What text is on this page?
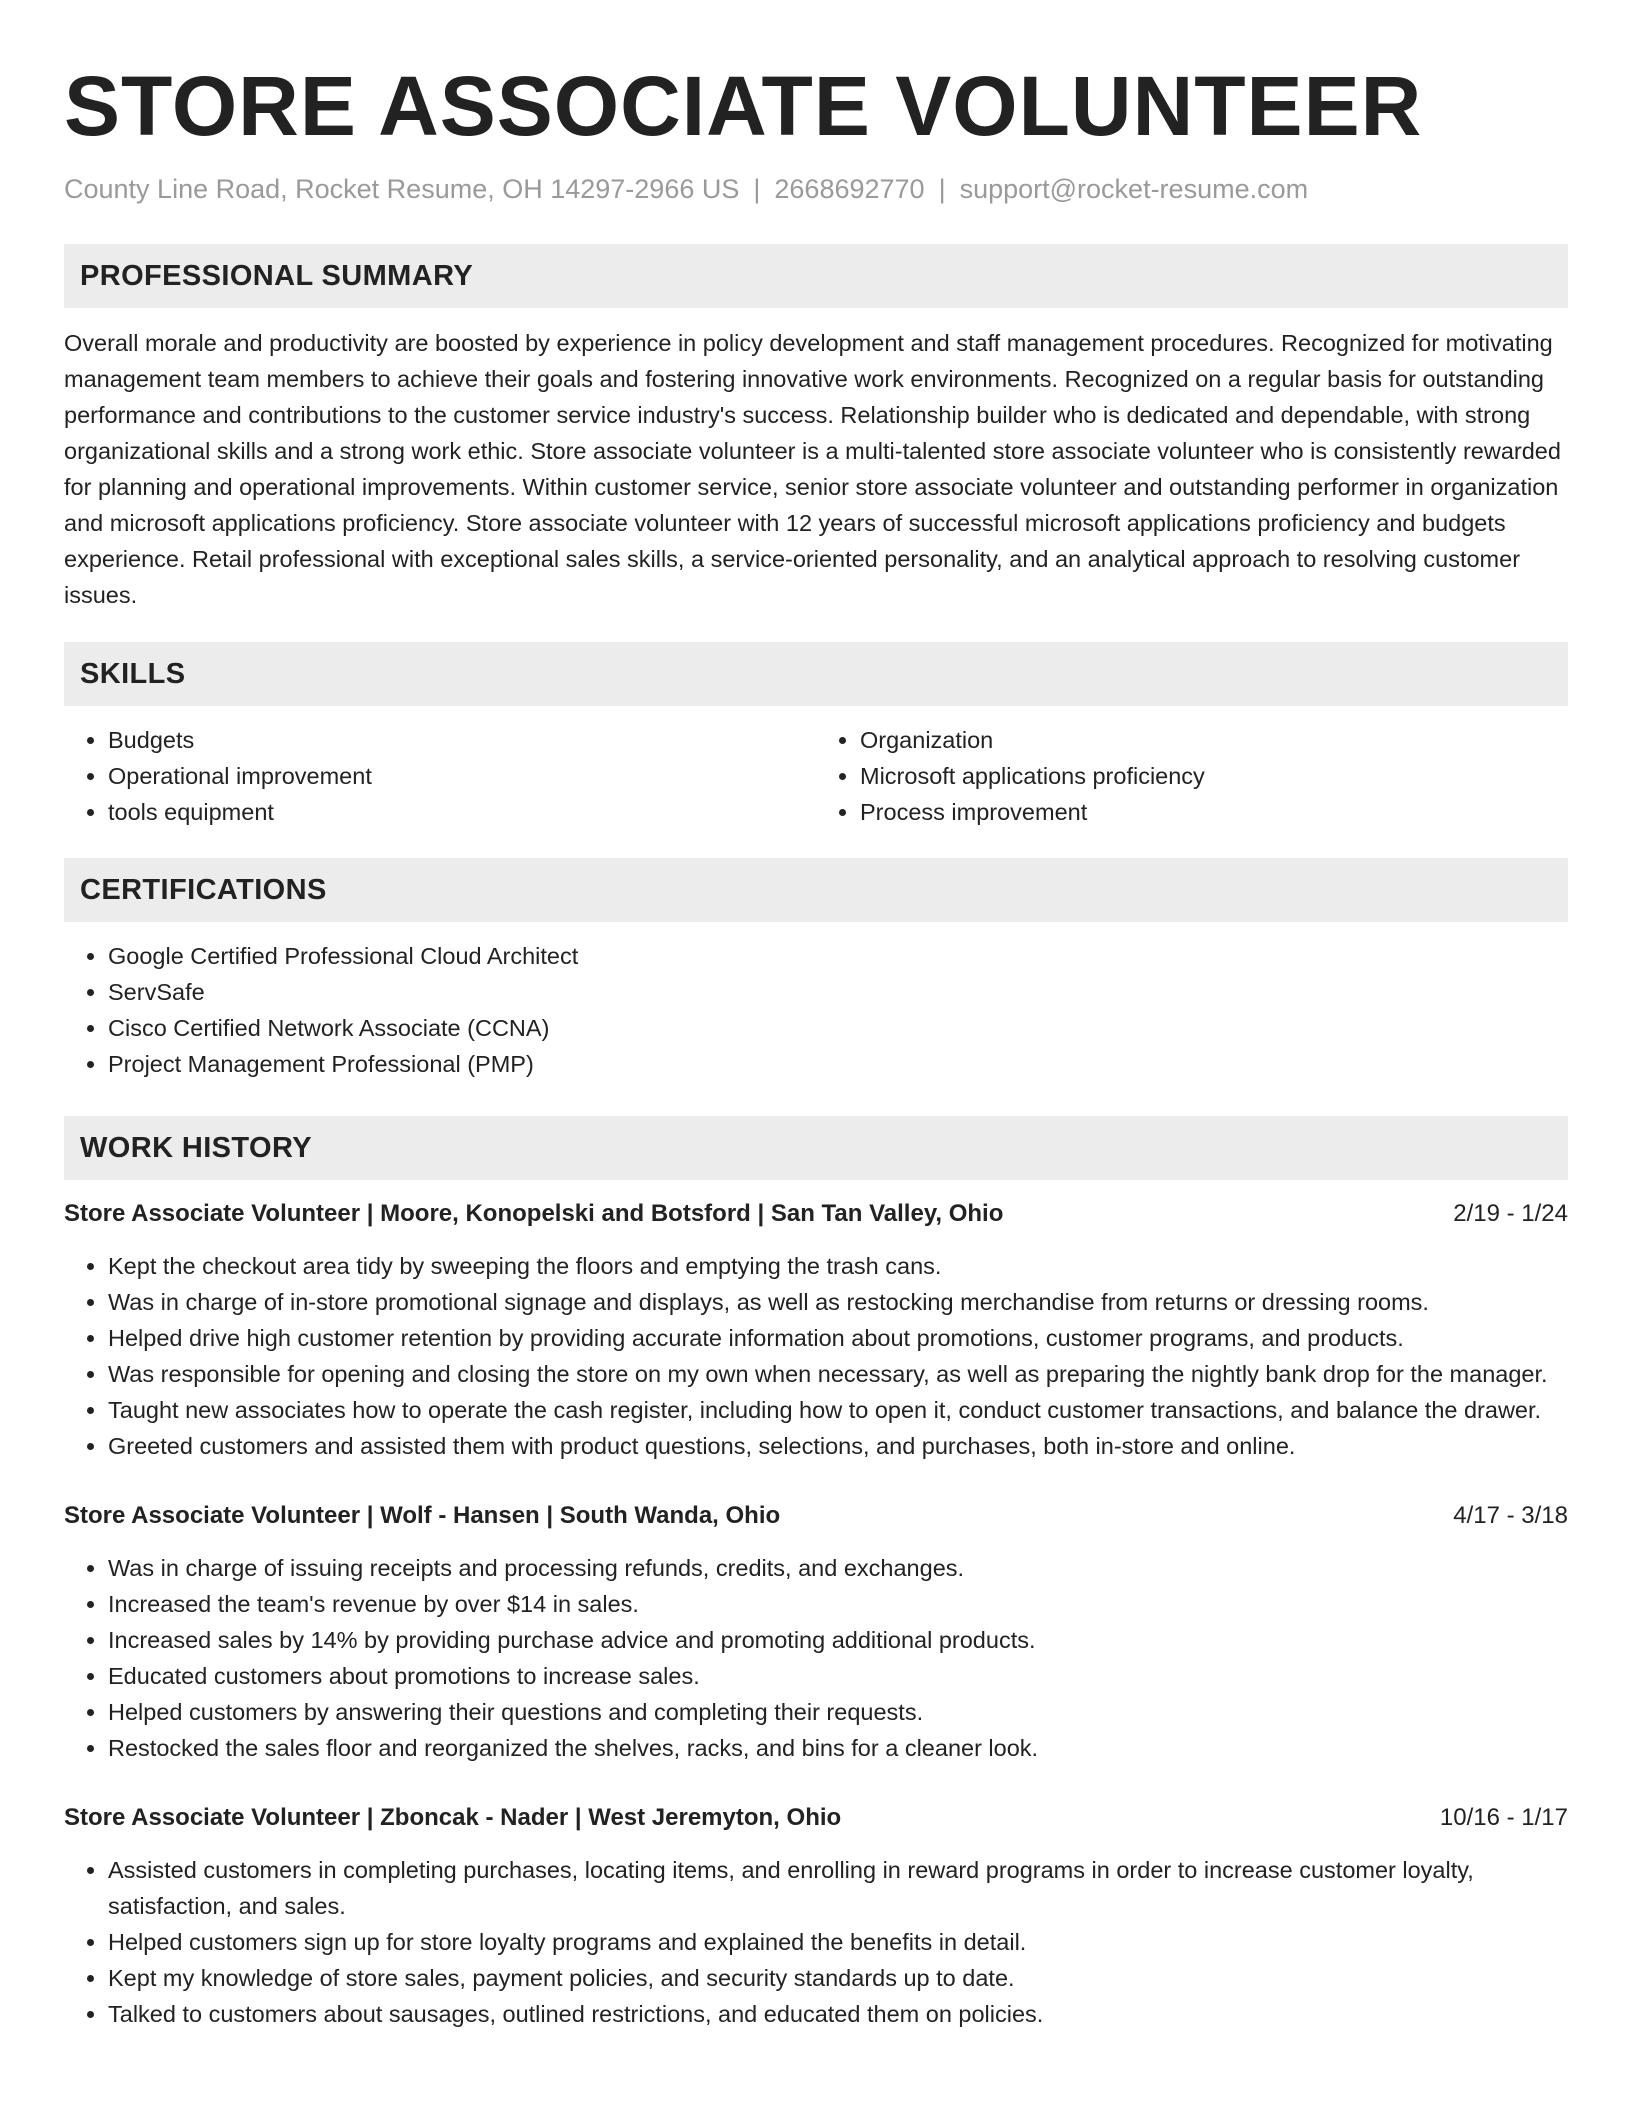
STORE ASSOCIATE VOLUNTEER
County Line Road, Rocket Resume, OH 14297-2966 US | 2668692770 | support@rocket-resume.com
PROFESSIONAL SUMMARY
Overall morale and productivity are boosted by experience in policy development and staff management procedures. Recognized for motivating management team members to achieve their goals and fostering innovative work environments. Recognized on a regular basis for outstanding performance and contributions to the customer service industry's success. Relationship builder who is dedicated and dependable, with strong organizational skills and a strong work ethic. Store associate volunteer is a multi-talented store associate volunteer who is consistently rewarded for planning and operational improvements. Within customer service, senior store associate volunteer and outstanding performer in organization and microsoft applications proficiency. Store associate volunteer with 12 years of successful microsoft applications proficiency and budgets experience. Retail professional with exceptional sales skills, a service-oriented personality, and an analytical approach to resolving customer issues.
SKILLS
• Budgets
• Operational improvement
• tools equipment
• Organization
• Microsoft applications proficiency
• Process improvement
CERTIFICATIONS
• Google Certified Professional Cloud Architect
• ServSafe
• Cisco Certified Network Associate (CCNA)
• Project Management Professional (PMP)
WORK HISTORY
Store Associate Volunteer | Moore, Konopelski and Botsford | San Tan Valley, Ohio	2/19 - 1/24
• Kept the checkout area tidy by sweeping the floors and emptying the trash cans.
• Was in charge of in-store promotional signage and displays, as well as restocking merchandise from returns or dressing rooms.
• Helped drive high customer retention by providing accurate information about promotions, customer programs, and products.
• Was responsible for opening and closing the store on my own when necessary, as well as preparing the nightly bank drop for the manager.
• Taught new associates how to operate the cash register, including how to open it, conduct customer transactions, and balance the drawer.
• Greeted customers and assisted them with product questions, selections, and purchases, both in-store and online.
Store Associate Volunteer | Wolf - Hansen | South Wanda, Ohio	4/17 - 3/18
• Was in charge of issuing receipts and processing refunds, credits, and exchanges.
• Increased the team's revenue by over $14 in sales.
• Increased sales by 14% by providing purchase advice and promoting additional products.
• Educated customers about promotions to increase sales.
• Helped customers by answering their questions and completing their requests.
• Restocked the sales floor and reorganized the shelves, racks, and bins for a cleaner look.
Store Associate Volunteer | Zboncak - Nader | West Jeremyton, Ohio	10/16 - 1/17
• Assisted customers in completing purchases, locating items, and enrolling in reward programs in order to increase customer loyalty, satisfaction, and sales.
• Helped customers sign up for store loyalty programs and explained the benefits in detail.
• Kept my knowledge of store sales, payment policies, and security standards up to date.
• Talked to customers about sausages, outlined restrictions, and educated them on policies.
